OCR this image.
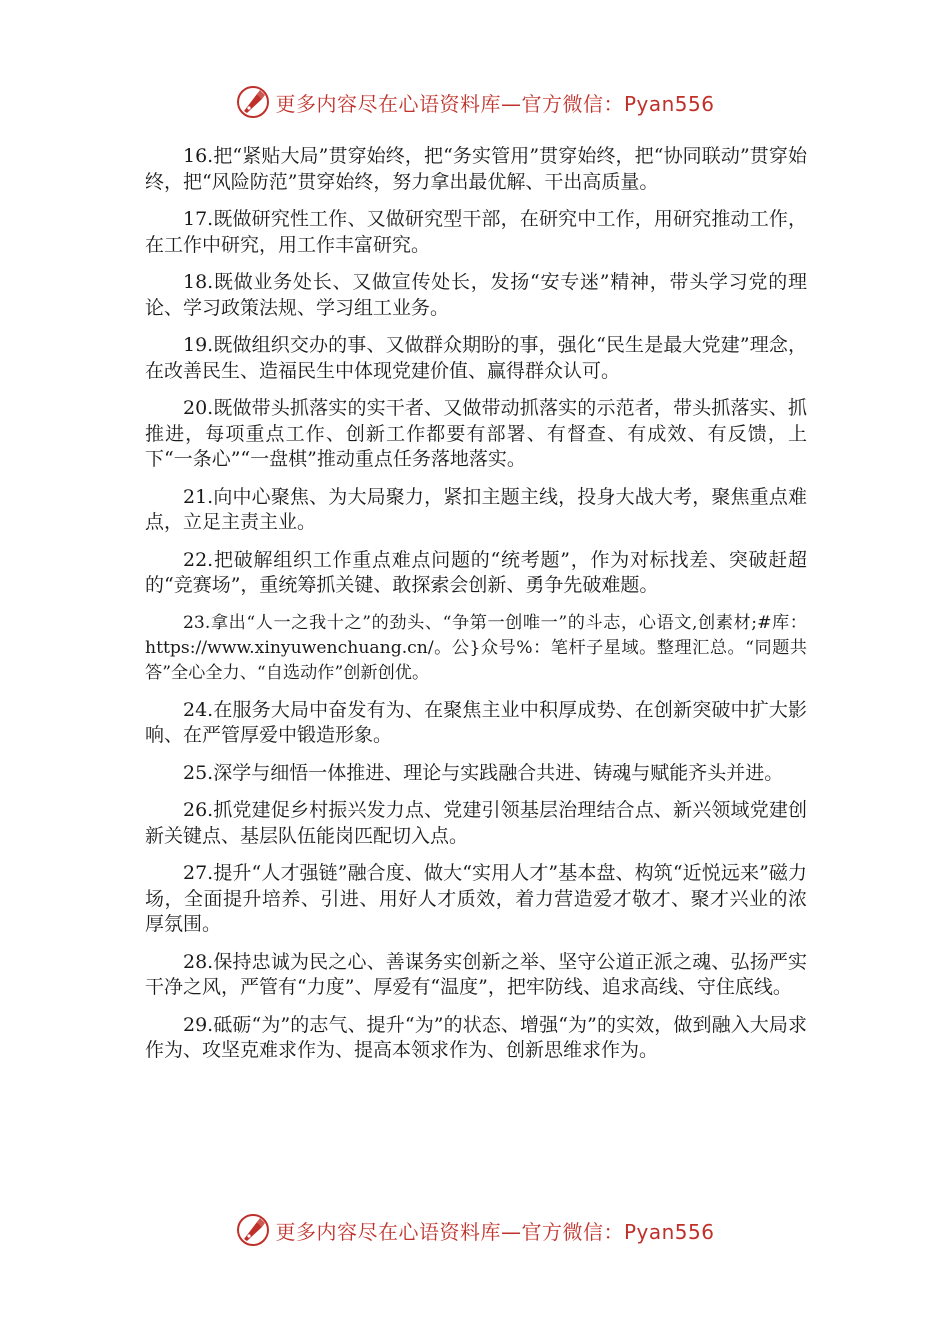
更多内容尽在心语资料库—官方微信：Pyan556

16.把“紧贴大局”贯穿始终，把“务实管用”贯穿始终，把“协同联动”贯穿始终，把“风险防范”贯穿始终，努力拿出最优解、干出高质量。

17.既做研究性工作、又做研究型干部，在研究中工作，用研究推动工作，在工作中研究，用工作丰富研究。

18.既做业务处长、又做宣传处长，发扬“安专迷”精神，带头学习党的理论、学习政策法规、学习组工业务。

19.既做组织交办的事、又做群众期盼的事，强化“民生是最大党建”理念，在改善民生、造福民生中体现党建价值、赢得群众认可。

20.既做带头抓落实的实干者、又做带动抓落实的示范者，带头抓落实、抓推进，每项重点工作、创新工作都要有部署、有督查、有成效、有反馈，上下“一条心”“一盘棋”推动重点任务落地落实。

21.向中心聚焦、为大局聚力，紧扣主题主线，投身大战大考，聚焦重点难点，立足主责主业。

22.把破解组织工作重点难点问题的“统考题”，作为对标找差、突破赶超的“竞赛场”，重统筹抓关键、敢探索会创新、勇争先破难题。

23.拿出“人一之我十之”的劲头、“争第一创唯一”的斗志，心语文,创素材;#库：https://www.xinyuwenchuang.cn/。公}众号%：笔杆子星域。整理汇总。“同题共答”全心全力、“自选动作”创新创优。

24.在服务大局中奋发有为、在聚焦主业中积厚成势、在创新突破中扩大影响、在严管厚爱中锻造形象。

25.深学与细悟一体推进、理论与实践融合共进、铸魂与赋能齐头并进。

26.抓党建促乡村振兴发力点、党建引领基层治理结合点、新兴领域党建创新关键点、基层队伍能岗匹配切入点。

27.提升“人才强链”融合度、做大“实用人才”基本盘、构筑“近悦远来”磁力场，全面提升培养、引进、用好人才质效，着力营造爱才敬才、聚才兴业的浓厚氛围。

28.保持忠诚为民之心、善谋务实创新之举、坚守公道正派之魂、弘扬严实干净之风，严管有“力度”、厚爱有“温度”，把牢防线、追求高线、守住底线。

29.砥砺“为”的志气、提升“为”的状态、增强“为”的实效，做到融入大局求作为、攻坚克难求作为、提高本领求作为、创新思维求作为。

更多内容尽在心语资料库—官方微信：Pyan556
